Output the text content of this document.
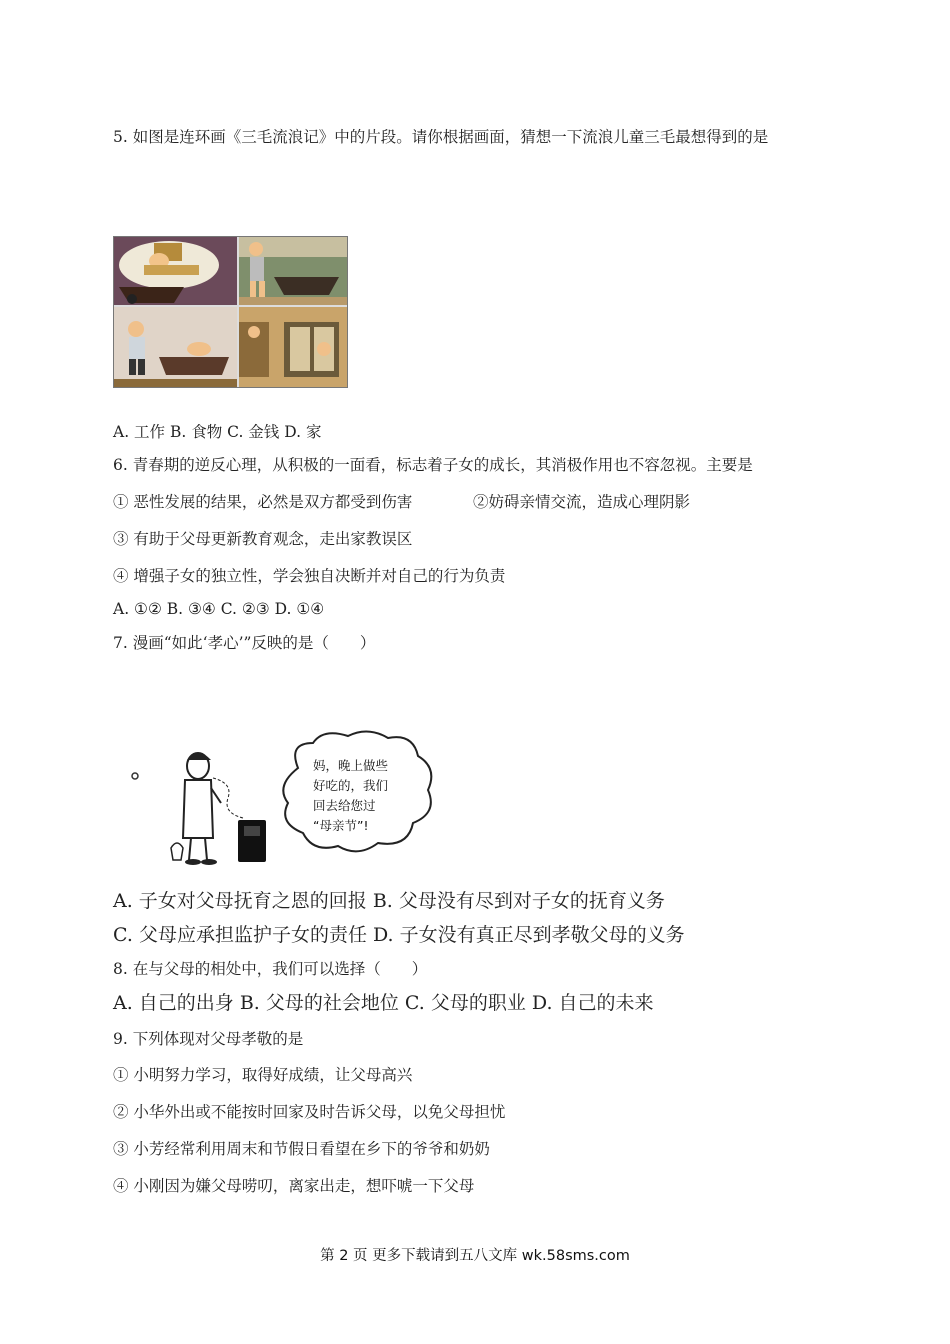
5. 如图是连环画《三毛流浪记》中的片段。请你根据画面，猜想一下流浪儿童三毛最想得到的是
A. 工作 B. 食物 C. 金钱 D. 家
6. 青春期的逆反心理，从积极的一面看，标志着子女的成长，其消极作用也不容忽视。主要是
① 恶性发展的结果，必然是双方都受到伤害	②妨碍亲情交流，造成心理阴影
③ 有助于父母更新教育观念，走出家教误区
④ 增强子女的独立性，学会独自决断并对自己的行为负责
A. ①② B. ③④ C. ②③ D. ①④
7. 漫画“如此‘孝心’”反映的是（　　）
妈，晚上做些
好吃的，我们
回去给您过
“母亲节”!
A. 子女对父母抚育之恩的回报 B. 父母没有尽到对子女的抚育义务
C. 父母应承担监护子女的责任 D. 子女没有真正尽到孝敬父母的义务
8. 在与父母的相处中，我们可以选择（　　）
A. 自己的出身 B. 父母的社会地位 C. 父母的职业 D. 自己的未来
9. 下列体现对父母孝敬的是
① 小明努力学习，取得好成绩，让父母高兴
② 小华外出或不能按时回家及时告诉父母，以免父母担忧
③ 小芳经常利用周末和节假日看望在乡下的爷爷和奶奶
④ 小刚因为嫌父母唠叨，离家出走，想吓唬一下父母
第 2 页 更多下载请到五八文库 wk.58sms.com
